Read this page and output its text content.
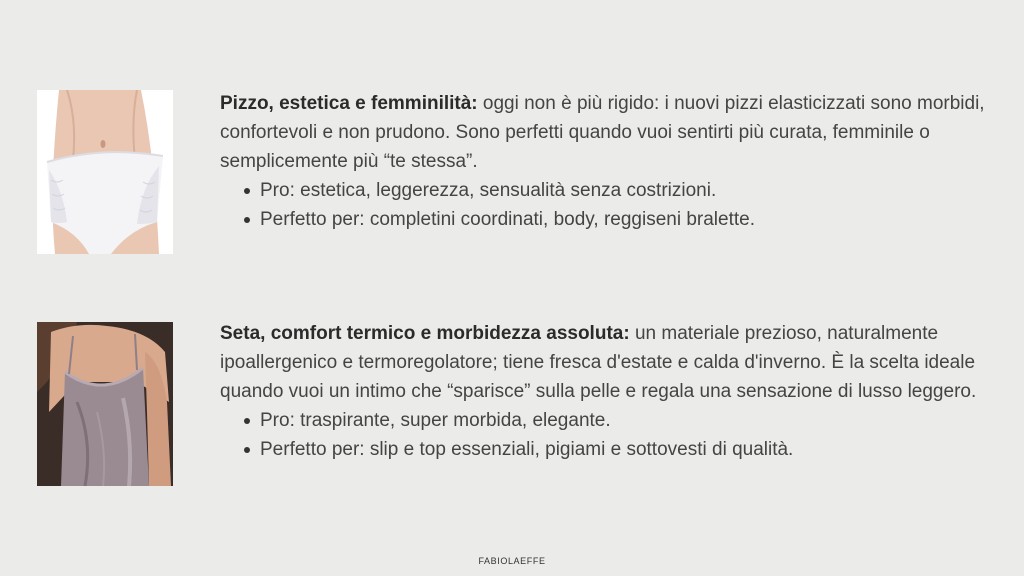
Pizzo, estetica e femminilità: oggi non è più rigido: i nuovi pizzi elasticizzati sono morbidi, confortevoli e non prudono. Sono perfetti quando vuoi sentirti più curata, femminile o semplicemente più “te stessa”.

Pro: estetica, leggerezza, sensualità senza costrizioni.
Perfetto per: completini coordinati, body, reggiseni bralette.

Seta, comfort termico e morbidezza assoluta: un materiale prezioso, naturalmente ipoallergenico e termoregolatore; tiene fresca d'estate e calda d'inverno. È la scelta ideale quando vuoi un intimo che “sparisce” sulla pelle e regala una sensazione di lusso leggero.

Pro: traspirante, super morbida, elegante.
Perfetto per: slip e top essenziali, pigiami e sottovesti di qualità.
FABIOLAEFFE
